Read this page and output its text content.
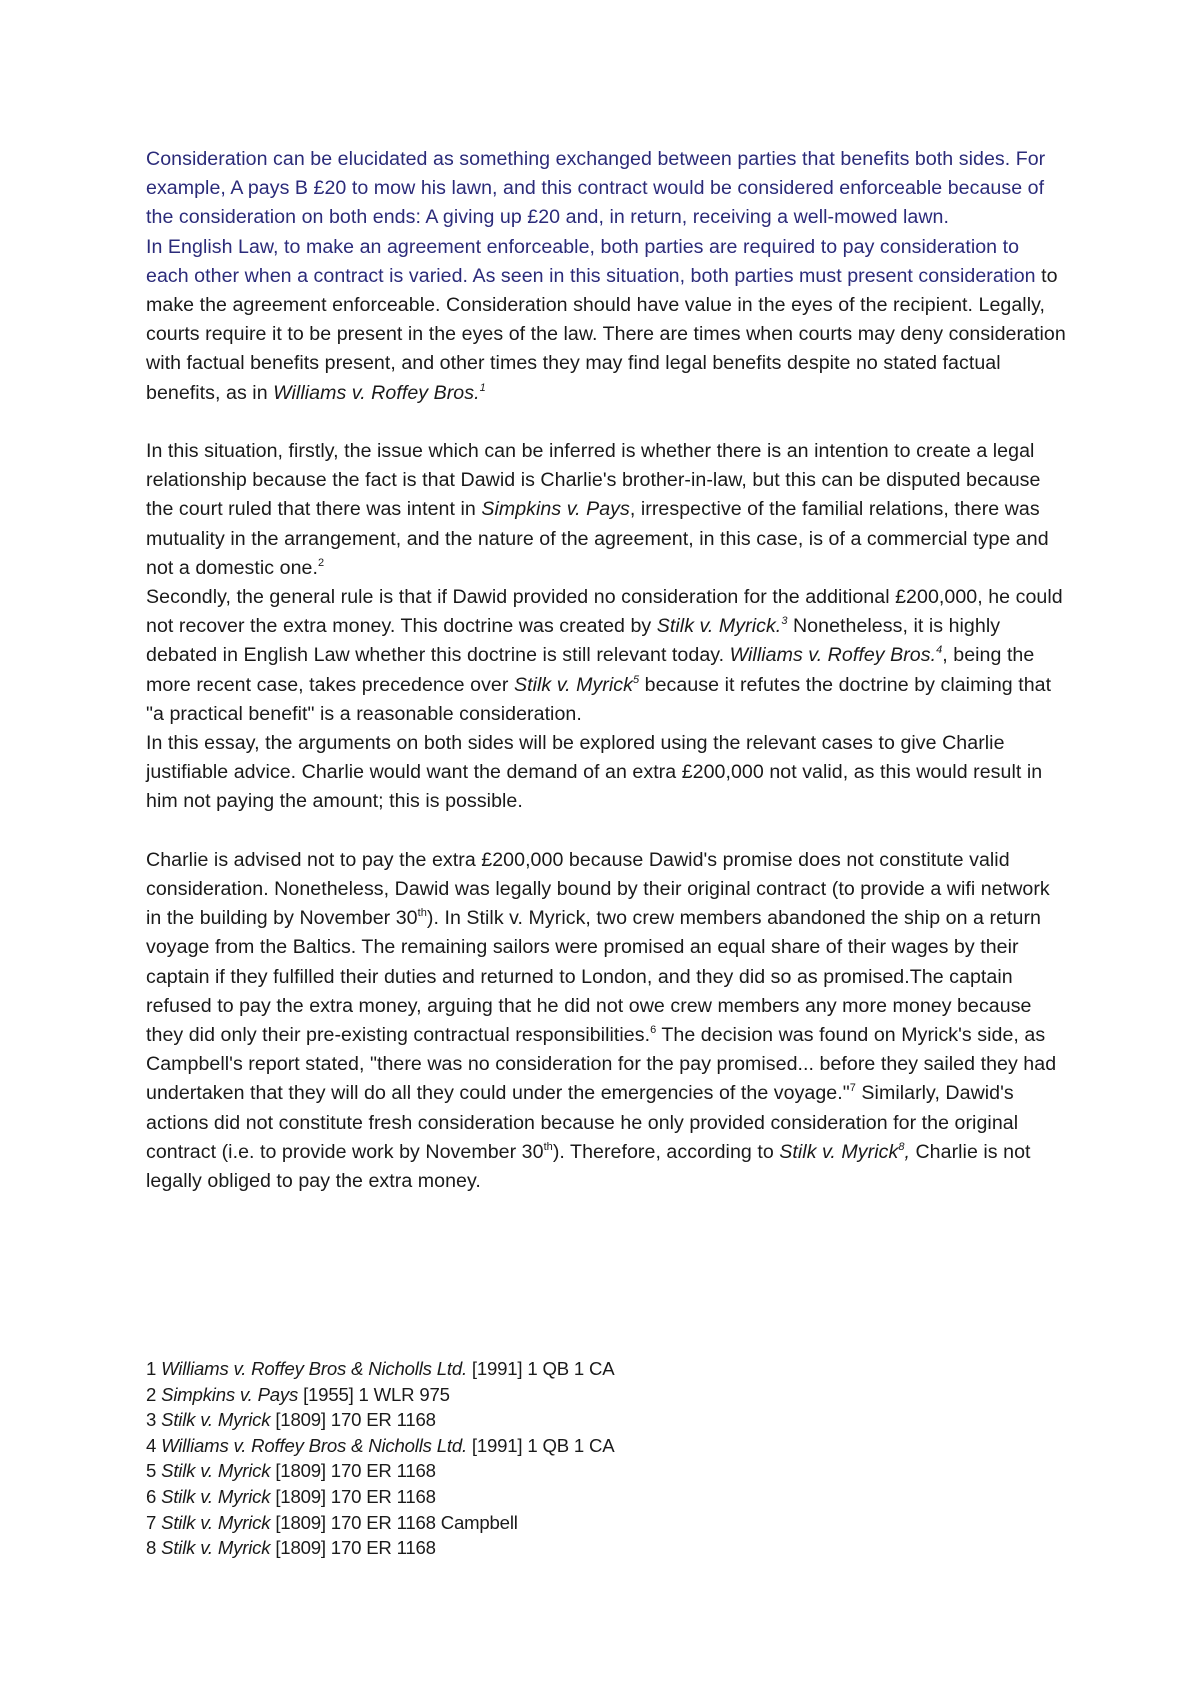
Consideration can be elucidated as something exchanged between parties that benefits both sides. For example, A pays B £20 to mow his lawn, and this contract would be considered enforceable because of the consideration on both ends: A giving up £20 and, in return, receiving a well-mowed lawn.

In English Law, to make an agreement enforceable, both parties are required to pay consideration to each other when a contract is varied. As seen in this situation, both parties must present consideration to make the agreement enforceable. Consideration should have value in the eyes of the recipient. Legally, courts require it to be present in the eyes of the law. There are times when courts may deny consideration with factual benefits present, and other times they may find legal benefits despite no stated factual benefits, as in Williams v. Roffey Bros.$^1$

In this situation, firstly, the issue which can be inferred is whether there is an intention to create a legal relationship because the fact is that Dawid is Charlie's brother-in-law, but this can be disputed because the court ruled that there was intent in Simpkins v. Pays, irrespective of the familial relations, there was mutuality in the arrangement, and the nature of the agreement, in this case, is of a commercial type and not a domestic one.$^2$

Secondly, the general rule is that if Dawid provided no consideration for the additional £200,000, he could not recover the extra money. This doctrine was created by Stilk v. Myrick.$^3$ Nonetheless, it is highly debated in English Law whether this doctrine is still relevant today. Williams v. Roffey Bros.$^4$, being the more recent case, takes precedence over Stilk v. Myrick$^5$ because it refutes the doctrine by claiming that "a practical benefit" is a reasonable consideration.

In this essay, the arguments on both sides will be explored using the relevant cases to give Charlie justifiable advice. Charlie would want the demand of an extra £200,000 not valid, as this would result in him not paying the amount; this is possible.

Charlie is advised not to pay the extra £200,000 because Dawid's promise does not constitute valid consideration. Nonetheless, Dawid was legally bound by their original contract (to provide a wifi network in the building by November 30th). In Stilk v. Myrick, two crew members abandoned the ship on a return voyage from the Baltics. The remaining sailors were promised an equal share of their wages by their captain if they fulfilled their duties and returned to London, and they did so as promised.The captain refused to pay the extra money, arguing that he did not owe crew members any more money because they did only their pre-existing contractual responsibilities.$^6$ The decision was found on Myrick's side, as Campbell's report stated, "there was no consideration for the pay promised... before they sailed they had undertaken that they will do all they could under the emergencies of the voyage."$^7$ Similarly, Dawid's actions did not constitute fresh consideration because he only provided consideration for the original contract (i.e. to provide work by November 30th). Therefore, according to Stilk v. Myrick$^8$, Charlie is not legally obliged to pay the extra money.

1 Williams v. Roffey Bros & Nicholls Ltd. [1991] 1 QB 1 CA
2 Simpkins v. Pays [1955] 1 WLR 975
3 Stilk v. Myrick [1809] 170 ER 1168
4 Williams v. Roffey Bros & Nicholls Ltd. [1991] 1 QB 1 CA
5 Stilk v. Myrick [1809] 170 ER 1168
6 Stilk v. Myrick [1809] 170 ER 1168
7 Stilk v. Myrick [1809] 170 ER 1168 Campbell
8 Stilk v. Myrick [1809] 170 ER 1168
